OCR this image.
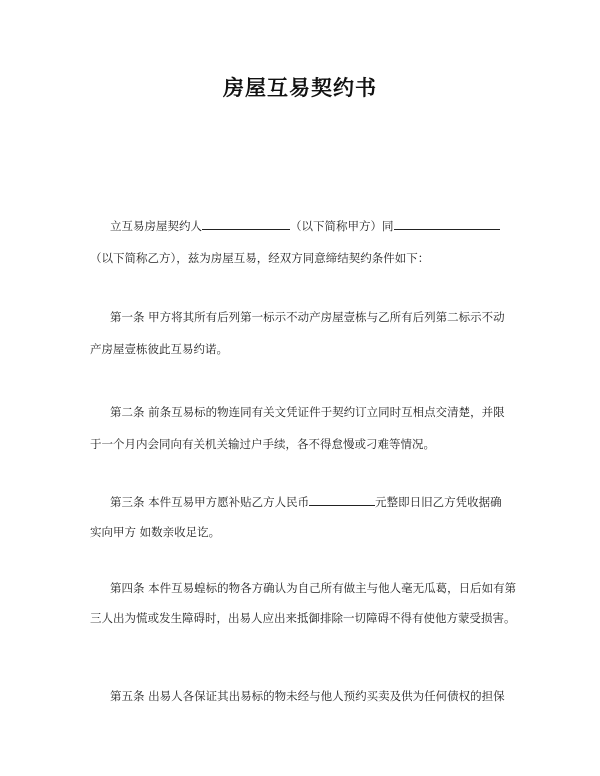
房屋互易契约书
立互易房屋契约人	（以下简称甲方）同
（以下简称乙方），兹为房屋互易，经双方同意缔结契约条件如下：
第一条 甲方将其所有后列第一标示不动产房屋壹栋与乙所有后列第二标示不动
产房屋壹栋彼此互易约诺。
第二条 前条互易标的物连同有关文凭证件于契约订立同时互相点交清楚，并限
于一个月内会同向有关机关输过户手续，各不得怠慢或刁难等情况。
第三条 本件互易甲方愿补贴乙方人民币	元整即日旧乙方凭收据确
实向甲方 如数亲收足讫。
第四条 本件互易蝗标的物各方确认为自己所有做主与他人毫无瓜葛，日后如有第
三人出为慌或发生障碍时，出易人应出来抵御排除一切障碍不得有使他方蒙受损害。
第五条 出易人各保证其出易标的物未经与他人预约买卖及供为任何债权的担保
